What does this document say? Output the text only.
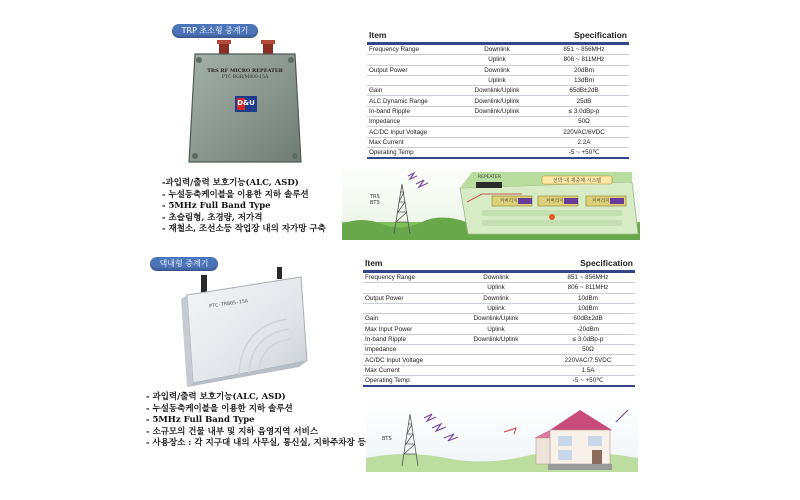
TRP 초소형 중계기
TRS RF MICRO REPEATER
PTC-RGR/M800-15A
D&U
-과입력/출력 보호기능(ALC, ASD)
- 누설동축케이블을 이용한 지하 솔루션
- 5MHz Full Band Type
- 초슬림형, 초경량, 저가격
- 재철소, 조선소등 작업장 내의 자가망 구축
Item		Specification
Frequency Range	Downlink	851 ~ 856MHz
	Uplink	806 ~ 811MHz
Output Power	Downlink	20dBm
	Uplink	13dBm
Gain	Downlink/Uplink	65dB±2dB
ALC Dynamic Range	Downlink/Uplink	25dB
In-band Ripple	Downlink/Uplink	≤ 3.0dBp-p
Impedance		50Ω
AC/DC Input Voltage		220VAC/6VDC
Max Current		2.2A
Operating Temp		-5 ~ +50℃
TRS
BTS
REPEATER
선박 내 재중계 시스템
커버리지	커버리지	커버리지
댁내형 중계기
PTC-TR805-15A
- 과입력/출력 보호기능(ALC, ASD)
- 누설동축케이블을 이용한 지하 솔루션
- 5MHz Full Band Type
- 소규모의 건물 내부 및 지하 음영지역 서비스
- 사용장소 : 각 지구대 내의 사무실, 통신실, 지하주차장 등
Item		Specification
Frequency Range	Downlink	851 ~ 856MHz
	Uplink	806 ~ 811MHz
Output Power	Downlink	10dBm
	Uplink	10dBm
Gain	Downlink/Uplink	60dB±2dB
Max Input Power	Uplink	-20dBm
In-band Ripple	Downlink/Uplink	≤ 3.0dBp-p
Impedance		50Ω
AC/DC Input Voltage		220VAC/7.5VDC
Max Current		1.5A
Operating Temp		-5 ~ +50℃
BTS
